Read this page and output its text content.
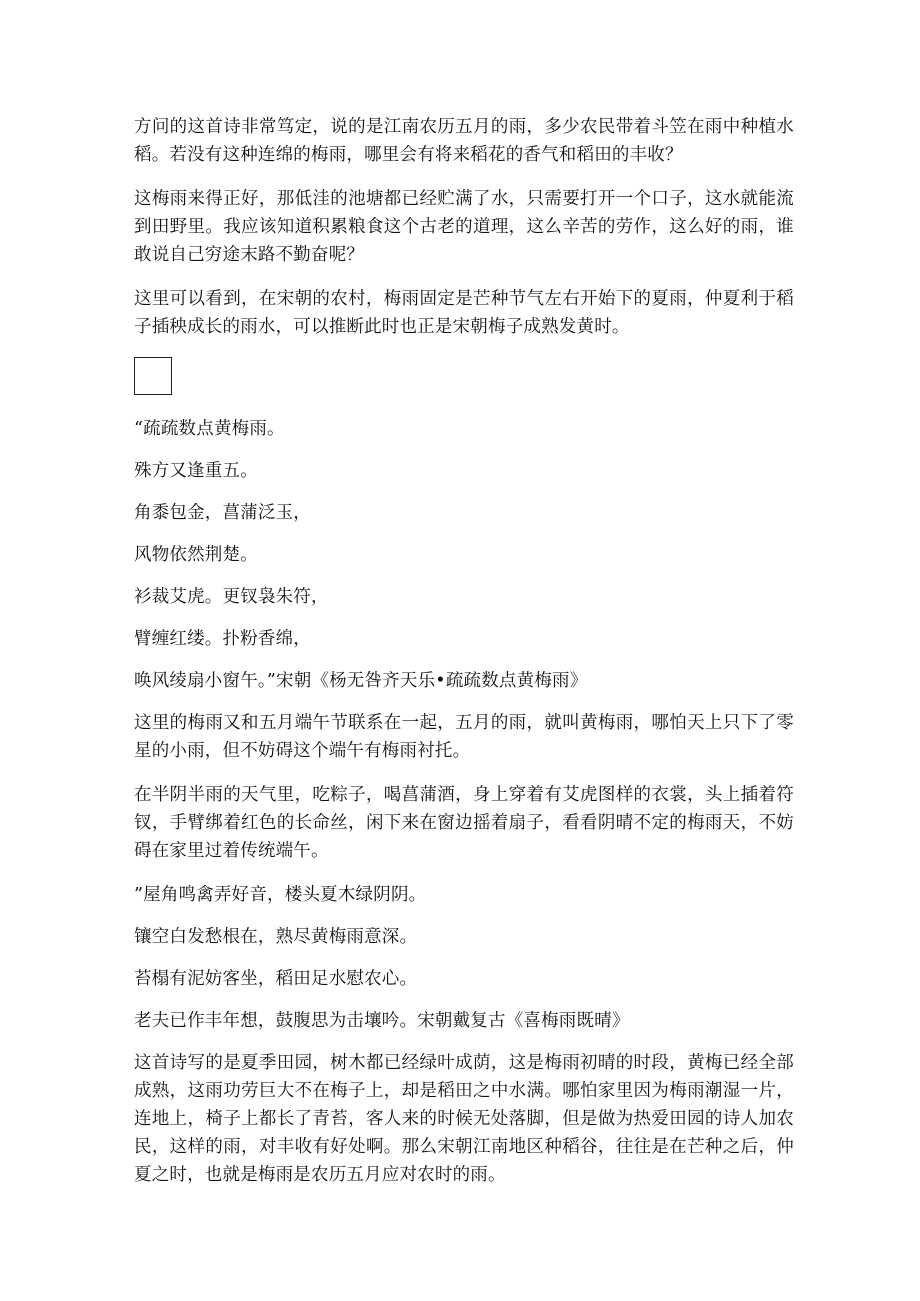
方问的这首诗非常笃定，说的是江南农历五月的雨，多少农民带着斗笠在雨中种植水稻。若没有这种连绵的梅雨，哪里会有将来稻花的香气和稻田的丰收？

这梅雨来得正好，那低洼的池塘都已经贮满了水，只需要打开一个口子，这水就能流到田野里。我应该知道积累粮食这个古老的道理，这么辛苦的劳作，这么好的雨，谁敢说自己穷途末路不勤奋呢？

这里可以看到，在宋朝的农村，梅雨固定是芒种节气左右开始下的夏雨，仲夏利于稻子插秧成长的雨水，可以推断此时也正是宋朝梅子成熟发黄时。

“疏疏数点黄梅雨。

殊方又逢重五。

角黍包金，菖蒲泛玉，

风物依然荆楚。

衫裁艾虎。更钗袅朱符，

臂缠红缕。扑粉香绵，

唤风绫扇小窗午。”宋朝《杨无咎齐天乐•疏疏数点黄梅雨》

这里的梅雨又和五月端午节联系在一起，五月的雨，就叫黄梅雨，哪怕天上只下了零星的小雨，但不妨碍这个端午有梅雨衬托。

在半阴半雨的天气里，吃粽子，喝菖蒲酒，身上穿着有艾虎图样的衣裳，头上插着符钗，手臂绑着红色的长命丝，闲下来在窗边摇着扇子，看看阴晴不定的梅雨天，不妨碍在家里过着传统端午。

”屋角鸣禽弄好音，楼头夏木绿阴阴。

镶空白发愁根在，熟尽黄梅雨意深。

苔榻有泥妨客坐，稻田足水慰农心。

老夫已作丰年想，鼓腹思为击壤吟。宋朝戴复古《喜梅雨既晴》

这首诗写的是夏季田园，树木都已经绿叶成荫，这是梅雨初晴的时段，黄梅已经全部成熟，这雨功劳巨大不在梅子上，却是稻田之中水满。哪怕家里因为梅雨潮湿一片，连地上，椅子上都长了青苔，客人来的时候无处落脚，但是做为热爱田园的诗人加农民，这样的雨，对丰收有好处啊。那么宋朝江南地区种稻谷，往往是在芒种之后，仲夏之时，也就是梅雨是农历五月应对农时的雨。
